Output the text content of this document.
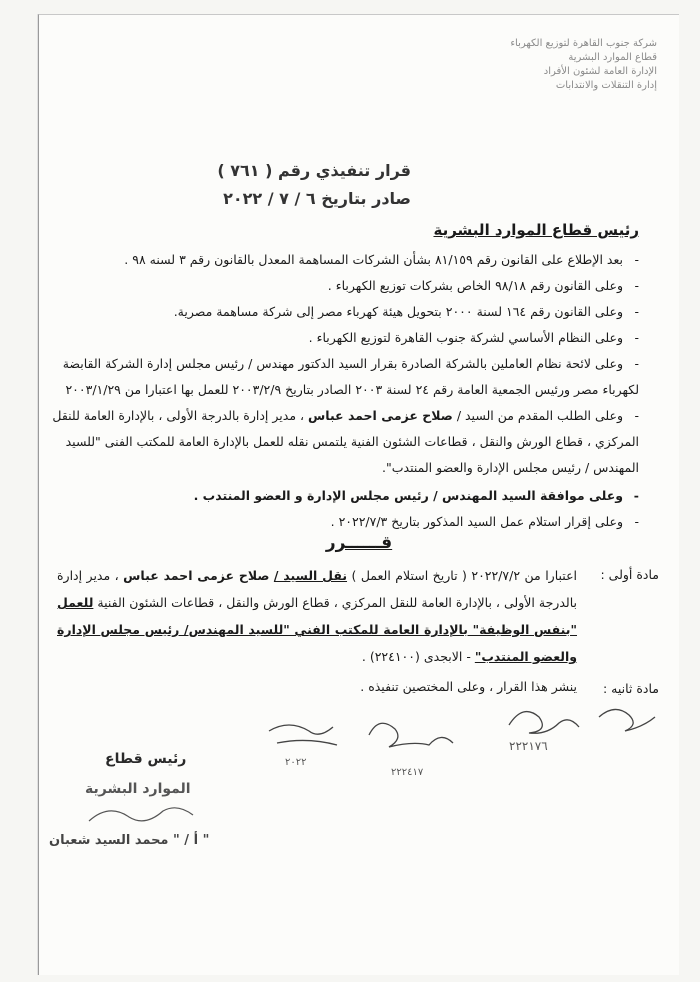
شركة جنوب القاهرة لتوزيع الكهرباء
قطاع الموارد البشرية
الإدارة العامة لشئون الأفراد
إدارة التنقلات والانتدابات
قرار تنفيذي رقم ( ٧٦١ )
صادر بتاريخ ٦ / ٧ / ٢٠٢٢
رئيس قطاع الموارد البشرية
-بعد الإطلاع على القانون رقم ٨١/١٥٩ بشأن الشركات المساهمة المعدل بالقانون رقم ٣ لسنه ٩٨ .
-وعلى القانون رقم ٩٨/١٨ الخاص بشركات توزيع الكهرباء .
-وعلى القانون رقم ١٦٤ لسنة ٢٠٠٠ بتحويل هيئة كهرباء مصر إلى شركة مساهمة مصرية.
-وعلى النظام الأساسي لشركة جنوب القاهرة لتوزيع الكهرباء .
-وعلى لائحة نظام العاملين بالشركة الصادرة بقرار السيد الدكتور مهندس / رئيس مجلس إدارة الشركة القابضة لكهرباء مصر ورئيس الجمعية العامة رقم ٢٤ لسنة ٢٠٠٣ الصادر بتاريخ ٢٠٠٣/٢/٩ للعمل بها اعتبارا من ٢٠٠٣/١/٢٩
-وعلى الطلب المقدم من السيد / صلاح عزمى احمد عباس ، مدير إدارة بالدرجة الأولى ، بالإدارة العامة للنقل المركزي ، قطاع الورش والنقل ، قطاعات الشئون الفنية يلتمس نقله للعمل بالإدارة العامة للمكتب الفنى "للسيد المهندس / رئيس مجلس الإدارة والعضو المنتدب".
-وعلى موافقة السيد المهندس / رئيس مجلس الإدارة و العضو المنتدب .
-وعلى إقرار استلام عمل السيد المذكور بتاريخ ٢٠٢٢/٧/٣ .
قــــــرر
مادة أولى :
اعتبارا من ٢٠٢٢/٧/٢ ( تاريخ استلام العمل ) نقل السيد / صلاح عزمى احمد عباس ، مدير إدارة بالدرجة الأولى ، بالإدارة العامة للنقل المركزي ، قطاع الورش والنقل ، قطاعات الشئون الفنية للعمل "بنفس الوظيفة" بالإدارة العامة للمكتب الفني "للسيد المهندس/ رئيس مجلس الإدارة والعضو المنتدب" - الابجدى (٢٢٤١٠٠) .
مادة ثانيه :
ينشر هذا القرار ، وعلى المختصين تنفيذه .
٢٠٢٢
٢٢٢١٧٦
٢٢٢٤١٧
رئيس قطاع
الموارد البشرية
أ / " محمد السيد شعبان "
